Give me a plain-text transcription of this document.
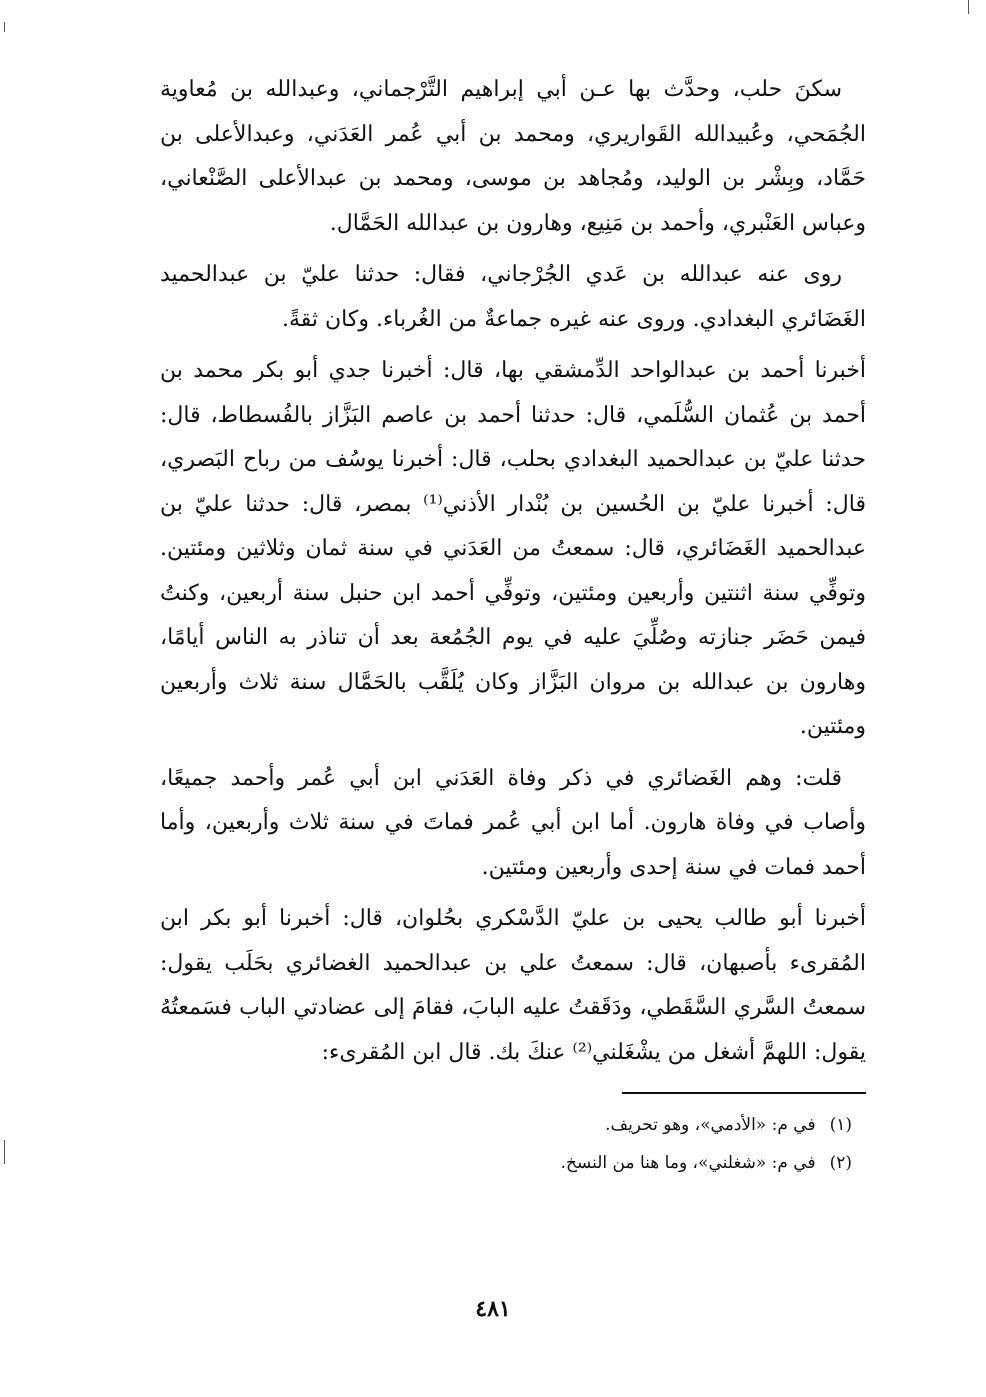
سكنَ حلب، وحدَّث بها عـن أبي إبراهيم التَّرْجماني، وعبدالله بن مُعاوية الجُمَحي، وعُبيدالله القَواريري، ومحمد بن أبي عُمر العَدَني، وعبدالأعلى بن حَمَّاد، وبِشْر بن الوليد، ومُجاهد بن موسى، ومحمد بن عبدالأعلى الصَّنْعاني، وعباس العَنْبري، وأحمد بن مَنِيع، وهارون بن عبدالله الحَمَّال.

روى عنه عبدالله بن عَدي الجُرْجاني، فقال: حدثنا عليّ بن عبدالحميد الغَضَائري البغدادي. وروى عنه غيره جماعةٌ من الغُرباء. وكان ثقةً.

أخبرنا أحمد بن عبدالواحد الدِّمشقي بها، قال: أخبرنا جدي أبو بكر محمد بن أحمد بن عُثمان السُّلَمي، قال: حدثنا أحمد بن عاصم البَزَّاز بالفُسطاط، قال: حدثنا عليّ بن عبدالحميد البغدادي بحلب، قال: أخبرنا يوسُف من رباح البَصري، قال: أخبرنا عليّ بن الحُسين بن بُنْدار الأذني⁽¹⁾ بمصر، قال: حدثنا عليّ بن عبدالحميد الغَضَائري، قال: سمعتُ من العَدَني في سنة ثمان وثلاثين ومئتين. وتوفِّي سنة اثنتين وأربعين ومئتين، وتوفِّي أحمد ابن حنبل سنة أربعين، وكنتُ فيمن حَضَر جنازته وصُلِّيَ عليه في يوم الجُمُعة بعد أن تناذر به الناس أيامًا، وهارون بن عبدالله بن مروان البَزَّاز وكان يُلَقَّب بالحَمَّال سنة ثلاث وأربعين ومئتين.

قلت: وهم الغَضائري في ذكر وفاة العَدَني ابن أبي عُمر وأحمد جميعًا، وأصاب في وفاة هارون. أما ابن أبي عُمر فماتَ في سنة ثلاث وأربعين، وأما أحمد فمات في سنة إحدى وأربعين ومئتين.

أخبرنا أبو طالب يحيى بن عليّ الدَّسْكري بحُلوان، قال: أخبرنا أبو بكر ابن المُقرىء بأصبهان، قال: سمعتُ علي بن عبدالحميد الغضائري بحَلَب يقول: سمعتُ السَّري السَّقَطي، ودَقَقتُ عليه البابَ، فقامَ إلى عضادتي الباب فسَمعتُهُ يقول: اللهمَّ أشغل من يشْغَلني⁽²⁾ عنكَ بك. قال ابن المُقرىء:

(١)في م: «الأدمي»، وهو تحريف.

(٢)في م: «شغلني»، وما هنا من النسخ.

٤٨١
